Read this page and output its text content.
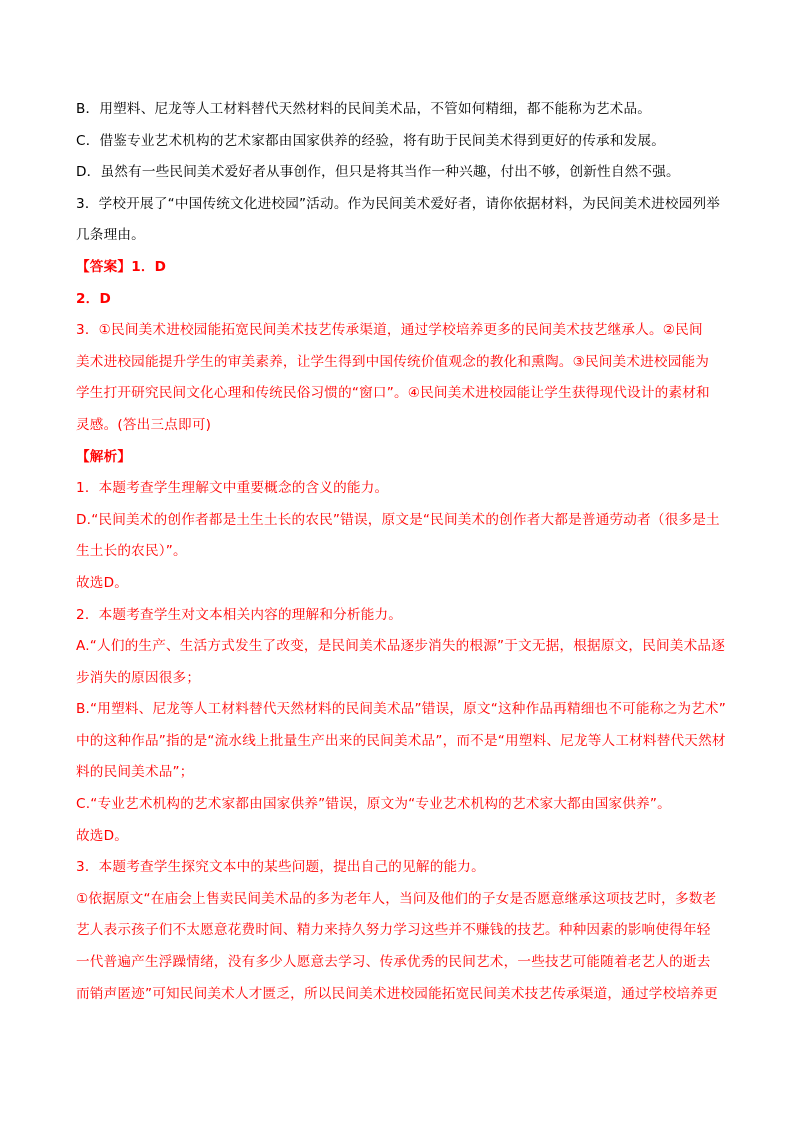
B．用塑料、尼龙等人工材料替代天然材料的民间美术品，不管如何精细，都不能称为艺术品。

C．借鉴专业艺术机构的艺术家都由国家供养的经验，将有助于民间美术得到更好的传承和发展。

D．虽然有一些民间美术爱好者从事创作，但只是将其当作一种兴趣，付出不够，创新性自然不强。

3．学校开展了“中国传统文化进校园”活动。作为民间美术爱好者，请你依据材料，为民间美术进校园列举

几条理由。

【答案】1．D

2．D

3．①民间美术进校园能拓宽民间美术技艺传承渠道，通过学校培养更多的民间美术技艺继承人。②民间

美术进校园能提升学生的审美素养，让学生得到中国传统价值观念的教化和熏陶。③民间美术进校园能为

学生打开研究民间文化心理和传统民俗习惯的“窗口”。④民间美术进校园能让学生获得现代设计的素材和

灵感。(答出三点即可)

【解析】

1．本题考查学生理解文中重要概念的含义的能力。

D.“民间美术的创作者都是土生土长的农民”错误，原文是“民间美术的创作者大都是普通劳动者（很多是土

生土长的农民）”。

故选D。

2．本题考查学生对文本相关内容的理解和分析能力。

A.“人们的生产、生活方式发生了改变，是民间美术品逐步消失的根源”于文无据，根据原文，民间美术品逐

步消失的原因很多；

B.“用塑料、尼龙等人工材料替代天然材料的民间美术品”错误，原文“这种作品再精细也不可能称之为艺术”

中的这种作品”指的是“流水线上批量生产出来的民间美术品”，而不是“用塑料、尼龙等人工材料替代天然材

料的民间美术品”；

C.“专业艺术机构的艺术家都由国家供养”错误，原文为“专业艺术机构的艺术家大都由国家供养”。

故选D。

3．本题考查学生探究文本中的某些问题，提出自己的见解的能力。

①依据原文“在庙会上售卖民间美术品的多为老年人，当问及他们的子女是否愿意继承这项技艺时，多数老

艺人表示孩子们不太愿意花费时间、精力来持久努力学习这些并不赚钱的技艺。种种因素的影响使得年轻

一代普遍产生浮躁情绪，没有多少人愿意去学习、传承优秀的民间艺术，一些技艺可能随着老艺人的逝去

而销声匿迹”可知民间美术人才匮乏，所以民间美术进校园能拓宽民间美术技艺传承渠道，通过学校培养更
